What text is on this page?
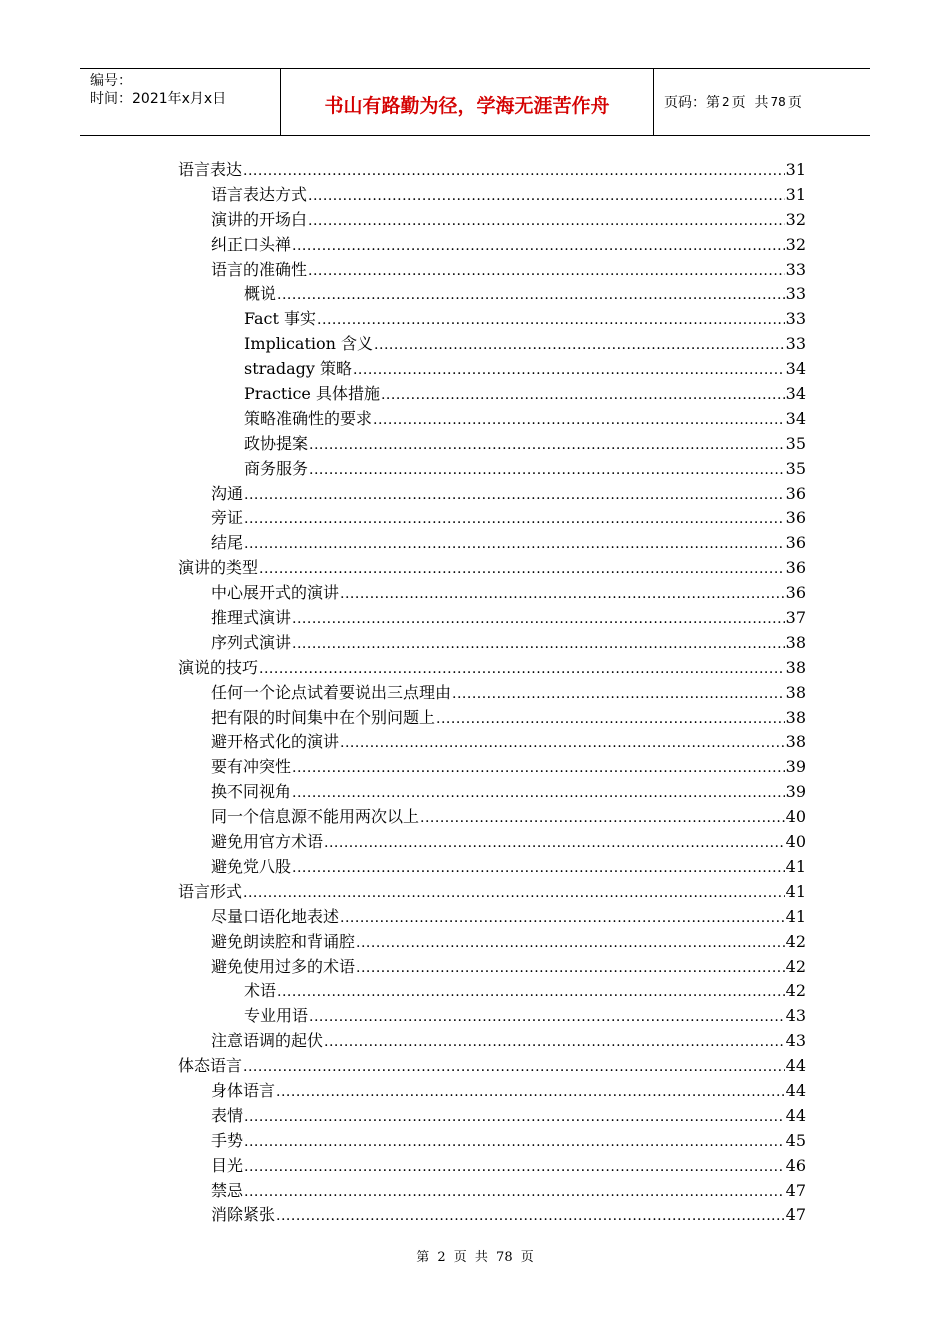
编号：
时间：2021年x月x日	书山有路勤为径，学海无涯苦作舟	页码：第 2 页  共 78 页
语言表达 .....	31
语言表达方式 .....	31
演讲的开场白 .....	32
纠正口头禅 .....	32
语言的准确性 .....	33
概说 .....	33
Fact 事实 .....	33
Implication 含义 .....	33
stradagy 策略 .....	34
Practice 具体措施 .....	34
策略准确性的要求 .....	34
政协提案 .....	35
商务服务 .....	35
沟通 .....	36
旁证 .....	36
结尾 .....	36
演讲的类型 .....	36
中心展开式的演讲 .....	36
推理式演讲 .....	37
序列式演讲 .....	38
演说的技巧 .....	38
任何一个论点试着要说出三点理由 .....	38
把有限的时间集中在个别问题上 .....	38
避开格式化的演讲 .....	38
要有冲突性 .....	39
换不同视角 .....	39
同一个信息源不能用两次以上 .....	40
避免用官方术语 .....	40
避免党八股 .....	41
语言形式 .....	41
尽量口语化地表述 .....	41
避免朗读腔和背诵腔 .....	42
避免使用过多的术语 .....	42
术语 .....	42
专业用语 .....	43
注意语调的起伏 .....	43
体态语言 .....	44
身体语言 .....	44
表情 .....	44
手势 .....	45
目光 .....	46
禁忌 .....	47
消除紧张 .....	47
第 2 页 共 78 页
